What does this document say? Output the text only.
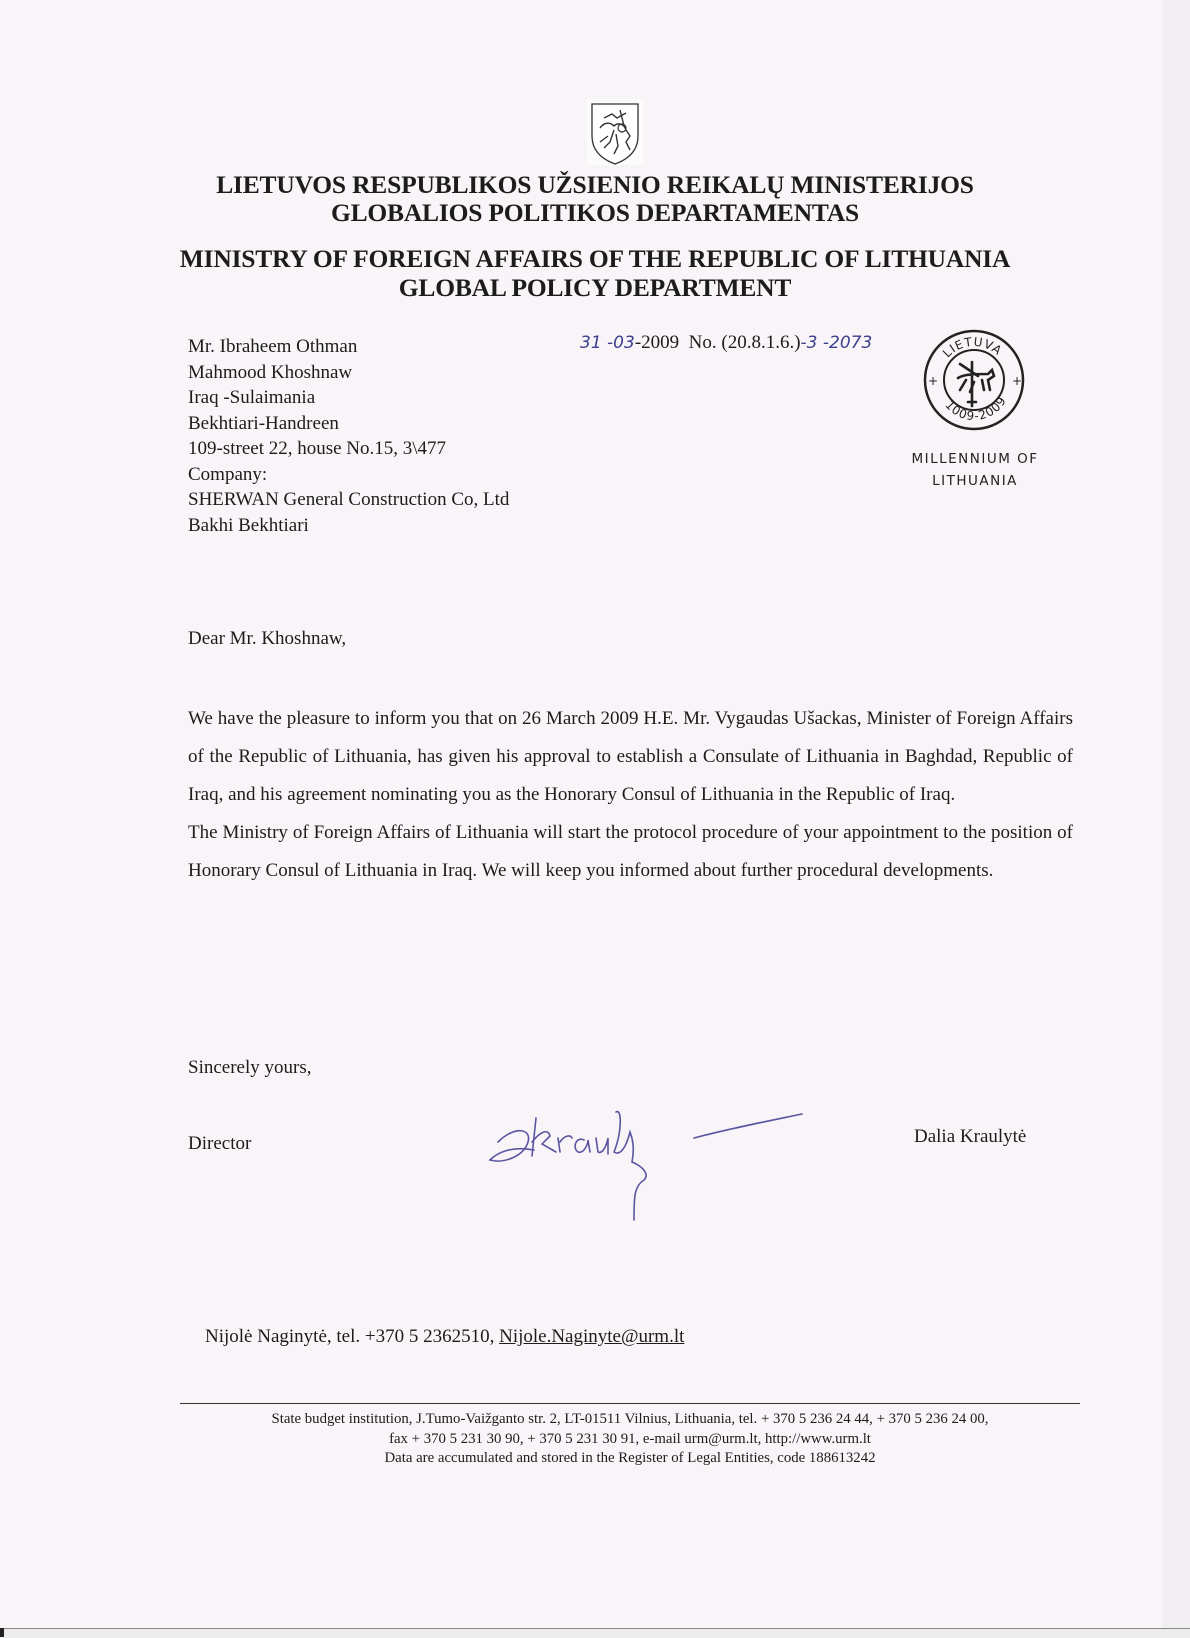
LIETUVOS RESPUBLIKOS UŽSIENIO REIKALŲ MINISTERIJOS
GLOBALIOS POLITIKOS DEPARTAMENTAS
MINISTRY OF FOREIGN AFFAIRS OF THE REPUBLIC OF LITHUANIA
GLOBAL POLICY DEPARTMENT
Mr. Ibraheem Othman
Mahmood Khoshnaw
Iraq -Sulaimania
Bekhtiari-Handreen
109-street 22, house No.15, 3\477
Company:
SHERWAN General Construction Co, Ltd
Bakhi Bekhtiari
31 -03-2009 No. (20.8.1.6.)-3 -2073	LIETUVA
1009-2009
+	+
MILLENNIUM OF
LITHUANIA
Dear Mr. Khoshnaw,

We have the pleasure to inform you that on 26 March 2009 H.E. Mr. Vygaudas Ušackas, Minister of Foreign Affairs of the Republic of Lithuania, has given his approval to establish a Consulate of Lithuania in Baghdad, Republic of Iraq, and his agreement nominating you as the Honorary Consul of Lithuania in the Republic of Iraq.

The Ministry of Foreign Affairs of Lithuania will start the protocol procedure of your appointment to the position of Honorary Consul of Lithuania in Iraq. We will keep you informed about further procedural developments.

Sincerely yours,
Director	Dalia Kraulytė
Nijolė Naginytė, tel. +370 5 2362510, Nijole.Naginyte@urm.lt
State budget institution, J.Tumo-Vaižganto str. 2, LT-01511 Vilnius, Lithuania, tel. + 370 5 236 24 44, + 370 5 236 24 00,
fax + 370 5 231 30 90, + 370 5 231 30 91, e-mail urm@urm.lt, http://www.urm.lt
Data are accumulated and stored in the Register of Legal Entities, code 188613242
